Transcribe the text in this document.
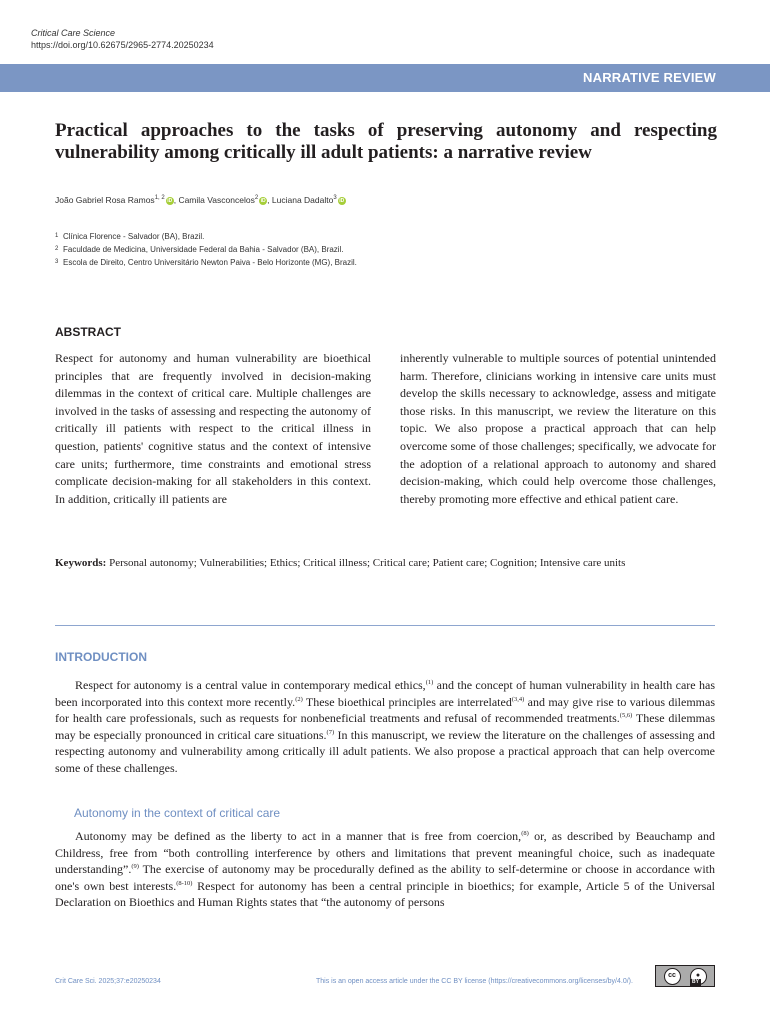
Critical Care Science
https://doi.org/10.62675/2965-2774.20250234
NARRATIVE REVIEW
Practical approaches to the tasks of preserving autonomy and respecting vulnerability among critically ill adult patients: a narrative review
João Gabriel Rosa Ramos$^{1, 2}$ iD , Camila Vasconcelos$^2$ iD , Luciana Dadalto$^3$ iD
1 Clínica Florence - Salvador (BA), Brazil.
2 Faculdade de Medicina, Universidade Federal da Bahia - Salvador (BA), Brazil.
3 Escola de Direito, Centro Universitário Newton Paiva - Belo Horizonte (MG), Brazil.
ABSTRACT

Respect for autonomy and human vulnerability are bioethical principles that are frequently involved in decision-making dilemmas in the context of critical care. Multiple challenges are involved in the tasks of assessing and respecting the autonomy of critically ill patients with respect to the critical illness in question, patients' cognitive status and the context of intensive care units; furthermore, time constraints and emotional stress complicate decision-making for all stakeholders in this context. In addition, critically ill patients are

inherently vulnerable to multiple sources of potential unintended harm. Therefore, clinicians working in intensive care units must develop the skills necessary to acknowledge, assess and mitigate those risks. In this manuscript, we review the literature on this topic. We also propose a practical approach that can help overcome some of those challenges; specifically, we advocate for the adoption of a relational approach to autonomy and shared decision-making, which could help overcome those challenges, thereby promoting more effective and ethical patient care.

Keywords: Personal autonomy; Vulnerabilities; Ethics; Critical illness; Critical care; Patient care; Cognition; Intensive care units

INTRODUCTION

Respect for autonomy is a central value in contemporary medical ethics,$^{(1)}$ and the concept of human vulnerability in health care has been incorporated into this context more recently.$^{(2)}$ These bioethical principles are interrelated$^{(3,4)}$ and may give rise to various dilemmas for health care professionals, such as requests for nonbeneficial treatments and refusal of recommended treatments.$^{(5,6)}$ These dilemmas may be especially pronounced in critical care situations.$^{(7)}$ In this manuscript, we review the literature on the challenges of assessing and respecting autonomy and vulnerability among critically ill adult patients. We also propose a practical approach that can help overcome some of these challenges.

Autonomy in the context of critical care

Autonomy may be defined as the liberty to act in a manner that is free from coercion,$^{(8)}$ or, as described by Beauchamp and Childress, free from “both controlling interference by others and limitations that prevent meaningful choice, such as inadequate understanding”.$^{(9)}$ The exercise of autonomy may be procedurally defined as the ability to self-determine or choose in accordance with one's own best interests.$^{(8-10)}$ Respect for autonomy has been a central principle in bioethics; for example, Article 5 of the Universal Declaration on Bioethics and Human Rights states that “the autonomy of persons

Crit Care Sci. 2025;37:e20250234	This is an open access article under the CC BY license (https://creativecommons.org/licenses/by/4.0/).
cc	●
BY
